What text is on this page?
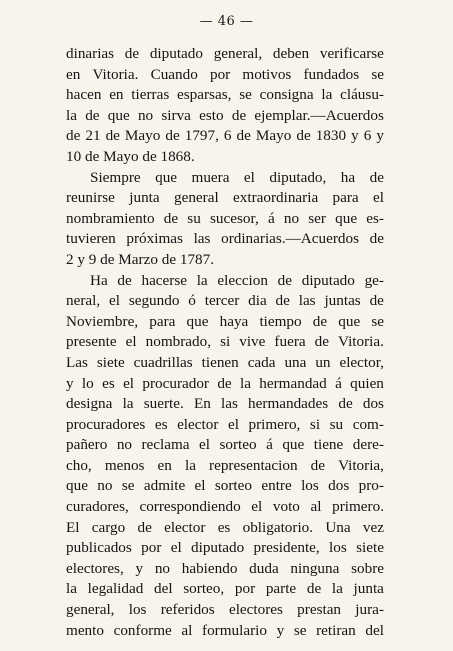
— 46 —
dinarias de diputado general, deben verificarse
en Vitoria. Cuando por motivos fundados se
hacen en tierras esparsas, se consigna la cláusu-
la de que no sirva esto de ejemplar.—Acuerdos
de 21 de Mayo de 1797, 6 de Mayo de 1830 y 6 y
10 de Mayo de 1868.
Siempre que muera el diputado, ha de
reunirse junta general extraordinaria para el
nombramiento de su sucesor, á no ser que es-
tuvieren próximas las ordinarias.—Acuerdos de
2 y 9 de Marzo de 1787.
Ha de hacerse la eleccion de diputado ge-
neral, el segundo ó tercer dia de las juntas de
Noviembre, para que haya tiempo de que se
presente el nombrado, si vive fuera de Vitoria.
Las siete cuadrillas tienen cada una un elector,
y lo es el procurador de la hermandad á quien
designa la suerte. En las hermandades de dos
procuradores es elector el primero, si su com-
pañero no reclama el sorteo á que tiene dere-
cho, menos en la representacion de Vitoria,
que no se admite el sorteo entre los dos pro-
curadores, correspondiendo el voto al primero.
El cargo de elector es obligatorio. Una vez
publicados por el diputado presidente, los siete
electores, y no habiendo duda ninguna sobre
la legalidad del sorteo, por parte de la junta
general, los referidos electores prestan jura-
mento conforme al formulario y se retiran del
